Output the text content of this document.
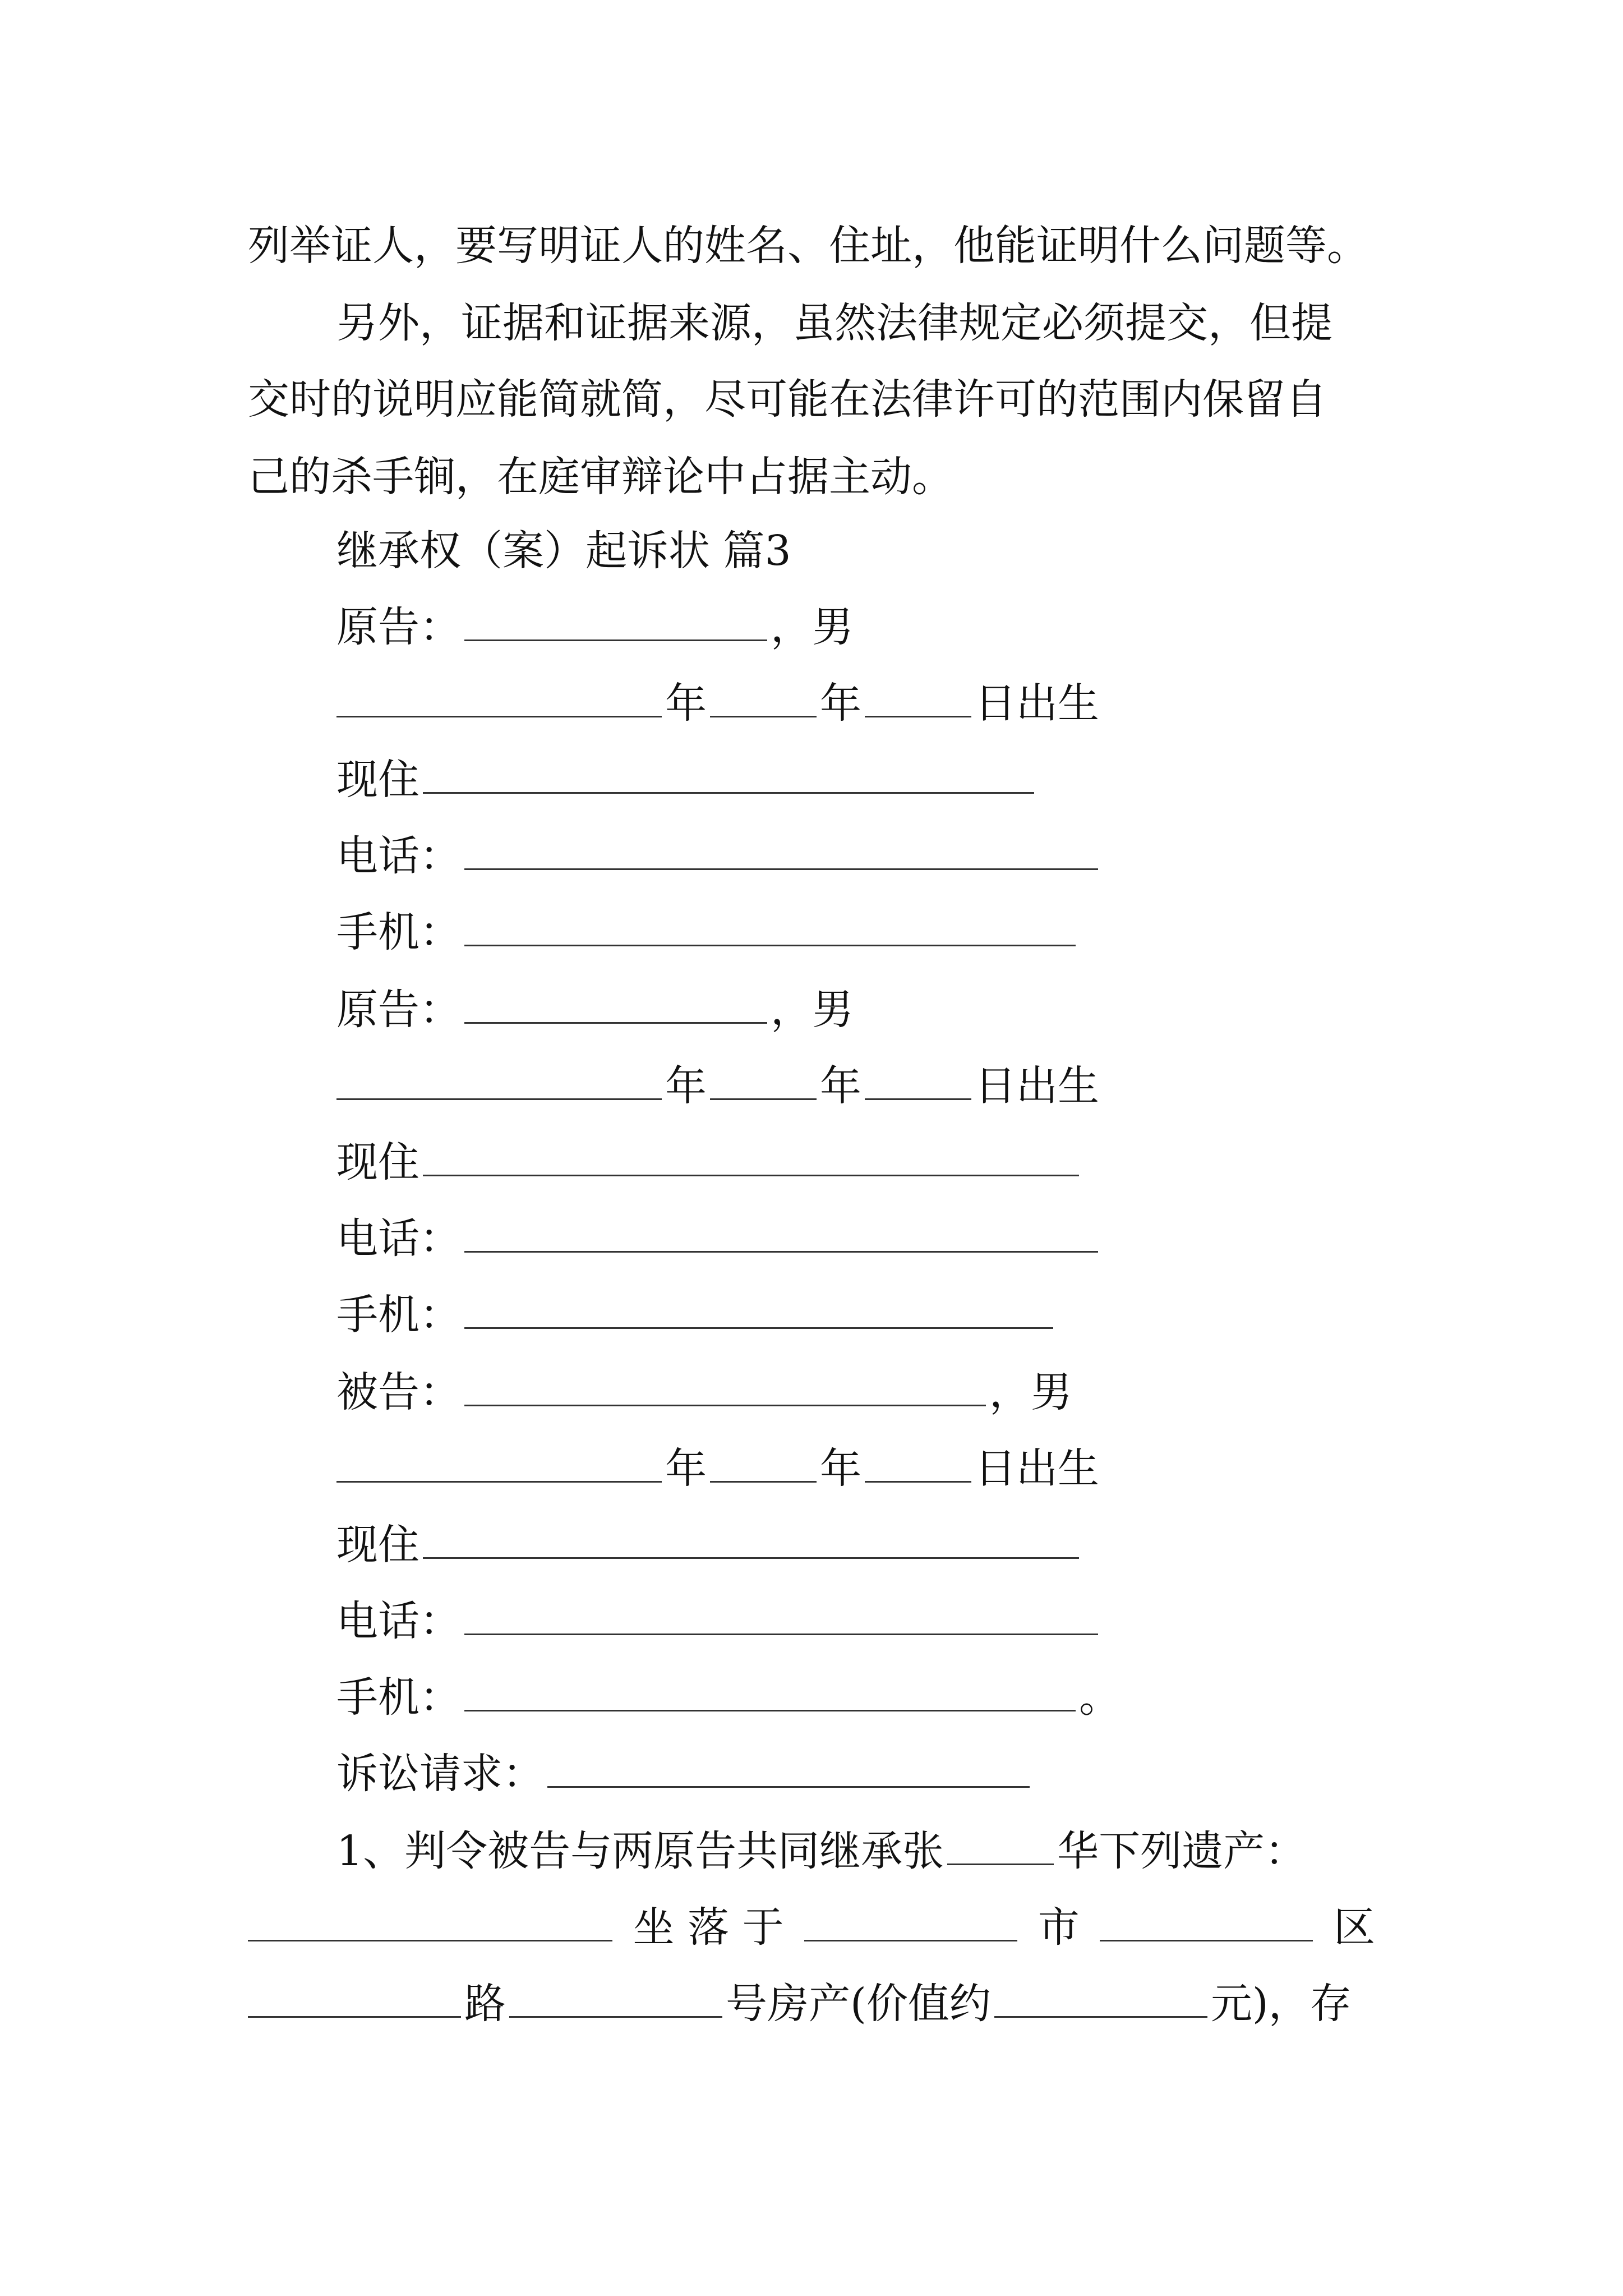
列举证人，要写明证人的姓名、住址，他能证明什么问题等。
另外，证据和证据来源，虽然法律规定必须提交，但提
交时的说明应能简就简，尽可能在法律许可的范围内保留自
己的杀手锏，在庭审辩论中占据主动。
继承权（案）起诉状 篇3
原告：	，男
年	年	日出生
现住
电话：
手机：
原告：	，男
年	年	日出生
现住
电话：
手机：
被告：	，男
年	年	日出生
现住
电话：
手机：	。
诉讼请求：
1、判令被告与两原告共同继承张	华下列遗产：
坐 落 于	市	区
路	号房产(价值约	元)，存
